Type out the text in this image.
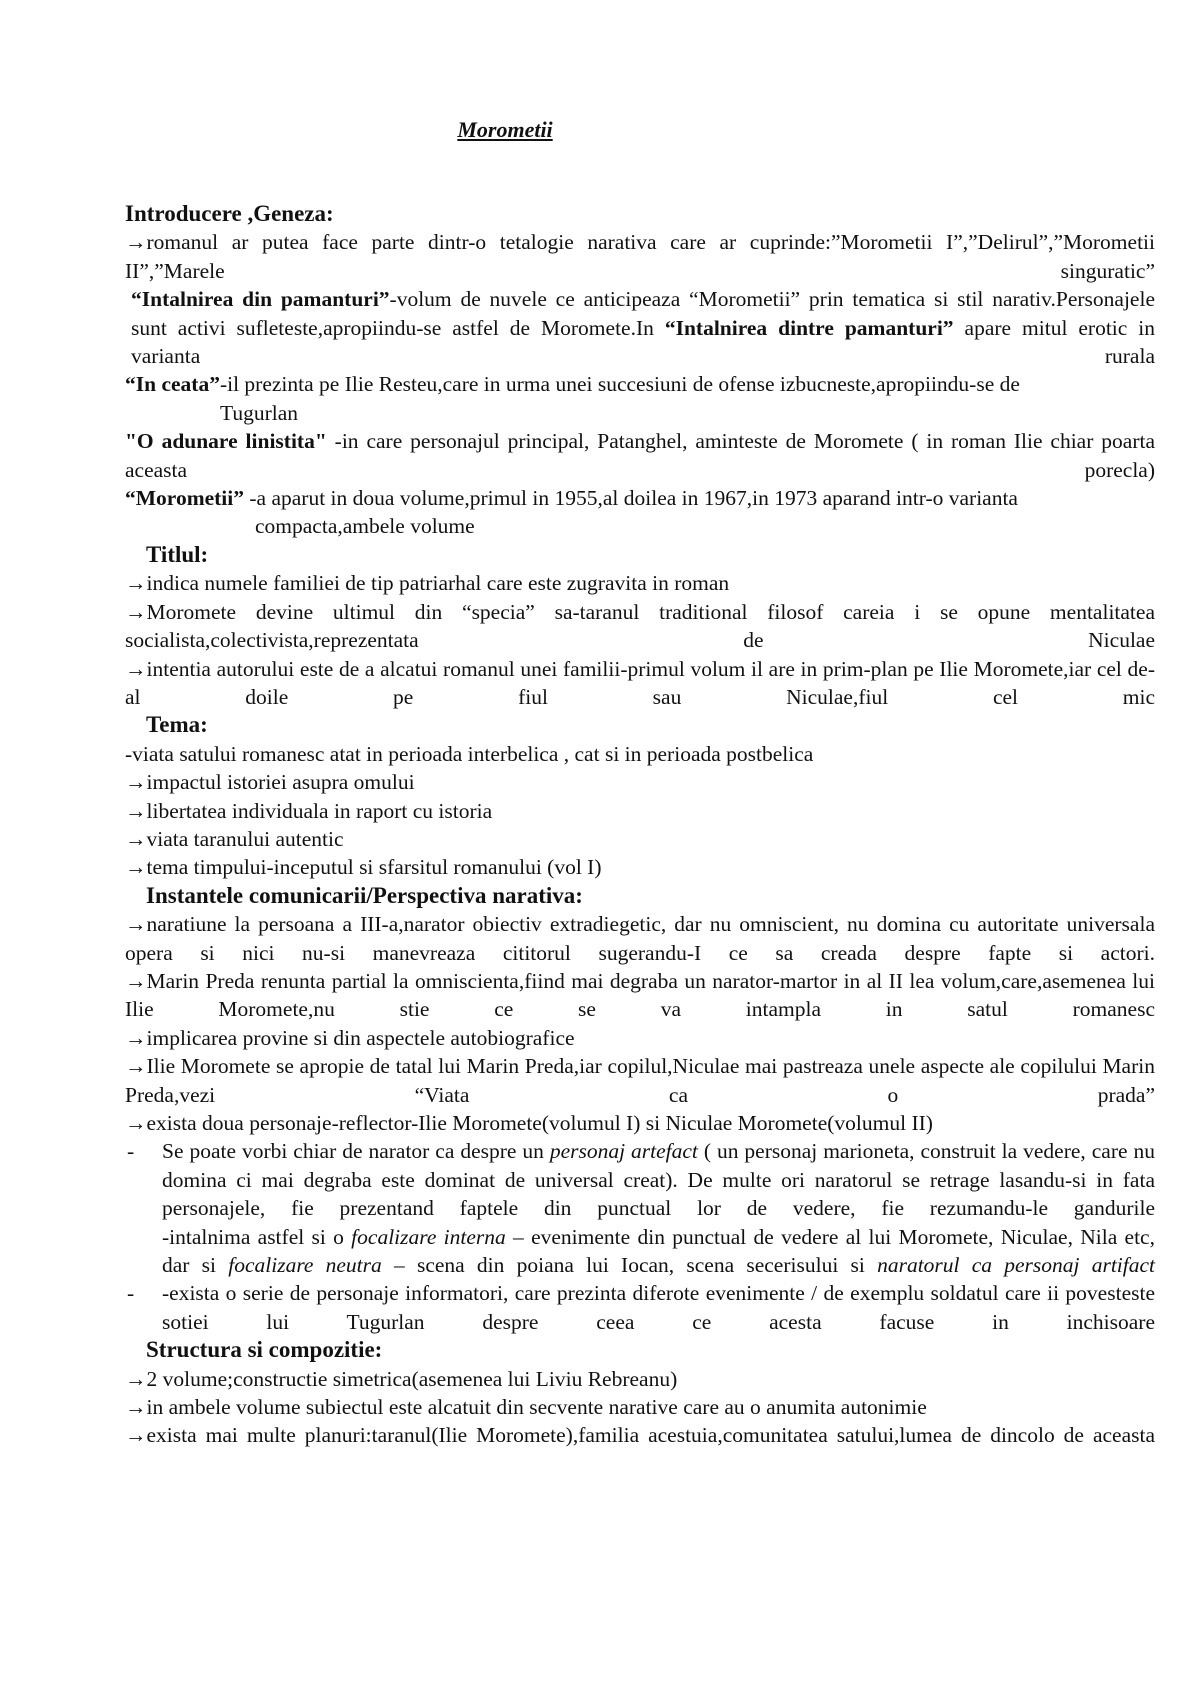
Morometii
Introducere ,Geneza:
→romanul ar putea face parte dintr-o tetalogie narativa care ar cuprinde:”Morometii I”,”Delirul”,”Morometii II”,”Marele singuratic”
“Intalnirea din pamanturi”-volum de nuvele ce anticipeaza “Morometii” prin tematica si stil narativ.Personajele sunt activi sufleteste,apropiindu-se astfel de Moromete.In “Intalnirea dintre pamanturi” apare mitul erotic in varianta rurala
“In ceata”-il prezinta pe Ilie Resteu,care in urma unei succesiuni de ofense izbucneste,apropiindu-se de
Tugurlan
"O adunare linistita" -in care personajul principal, Patanghel, aminteste de Moromete ( in roman Ilie chiar poarta aceasta porecla)
“Morometii” -a aparut in doua volume,primul in 1955,al doilea in 1967,in 1973 aparand intr-o varianta
compacta,ambele volume
Titlul:
→indica numele familiei de tip patriarhal care este zugravita in roman
→Moromete devine ultimul din “specia” sa-taranul traditional filosof careia i se opune mentalitatea socialista,colectivista,reprezentata de Niculae
→intentia autorului este de a alcatui romanul unei familii-primul volum il are in prim-plan pe Ilie Moromete,iar cel de-al doile pe fiul sau Niculae,fiul cel mic
Tema:
-viata satului romanesc atat in perioada interbelica , cat si in perioada postbelica
→impactul istoriei asupra omului
→libertatea individuala in raport cu istoria
→viata taranului autentic
→tema timpului-inceputul si sfarsitul romanului (vol I)
Instantele comunicarii/Perspectiva narativa:
→naratiune la persoana a III-a,narator obiectiv extradiegetic, dar nu omniscient, nu domina cu autoritate universala opera si nici nu-si manevreaza cititorul sugerandu-I ce sa creada despre fapte si actori.
→Marin Preda renunta partial la omniscienta,fiind mai degraba un narator-martor in al II lea volum,care,asemenea lui Ilie Moromete,nu stie ce se va intampla in satul romanesc
→implicarea provine si din aspectele autobiografice
→Ilie Moromete se apropie de tatal lui Marin Preda,iar copilul,Niculae mai pastreaza unele aspecte ale copilului Marin Preda,vezi “Viata ca o prada”
→exista doua personaje-reflector-Ilie Moromete(volumul I) si Niculae Moromete(volumul II)
- Se poate vorbi chiar de narator ca despre un personaj artefact ( un personaj marioneta, construit la vedere, care nu domina ci mai degraba este dominat de universal creat). De multe ori naratorul se retrage lasandu-si in fata personajele, fie prezentand faptele din punctual lor de vedere, fie rezumandu-le gandurile
-intalnima astfel si o focalizare interna – evenimente din punctual de vedere al lui Moromete, Niculae, Nila etc, dar si focalizare neutra – scena din poiana lui Iocan, scena secerisului si naratorul ca personaj artifact
- -exista o serie de personaje informatori, care prezinta diferote evenimente / de exemplu soldatul care ii povesteste sotiei lui Tugurlan despre ceea ce acesta facuse in inchisoare
Structura si compozitie:
→2 volume;constructie simetrica(asemenea lui Liviu Rebreanu)
→in ambele volume subiectul este alcatuit din secvente narative care au o anumita autonimie
→exista mai multe planuri:taranul(Ilie Moromete),familia acestuia,comunitatea satului,lumea de dincolo de aceasta
